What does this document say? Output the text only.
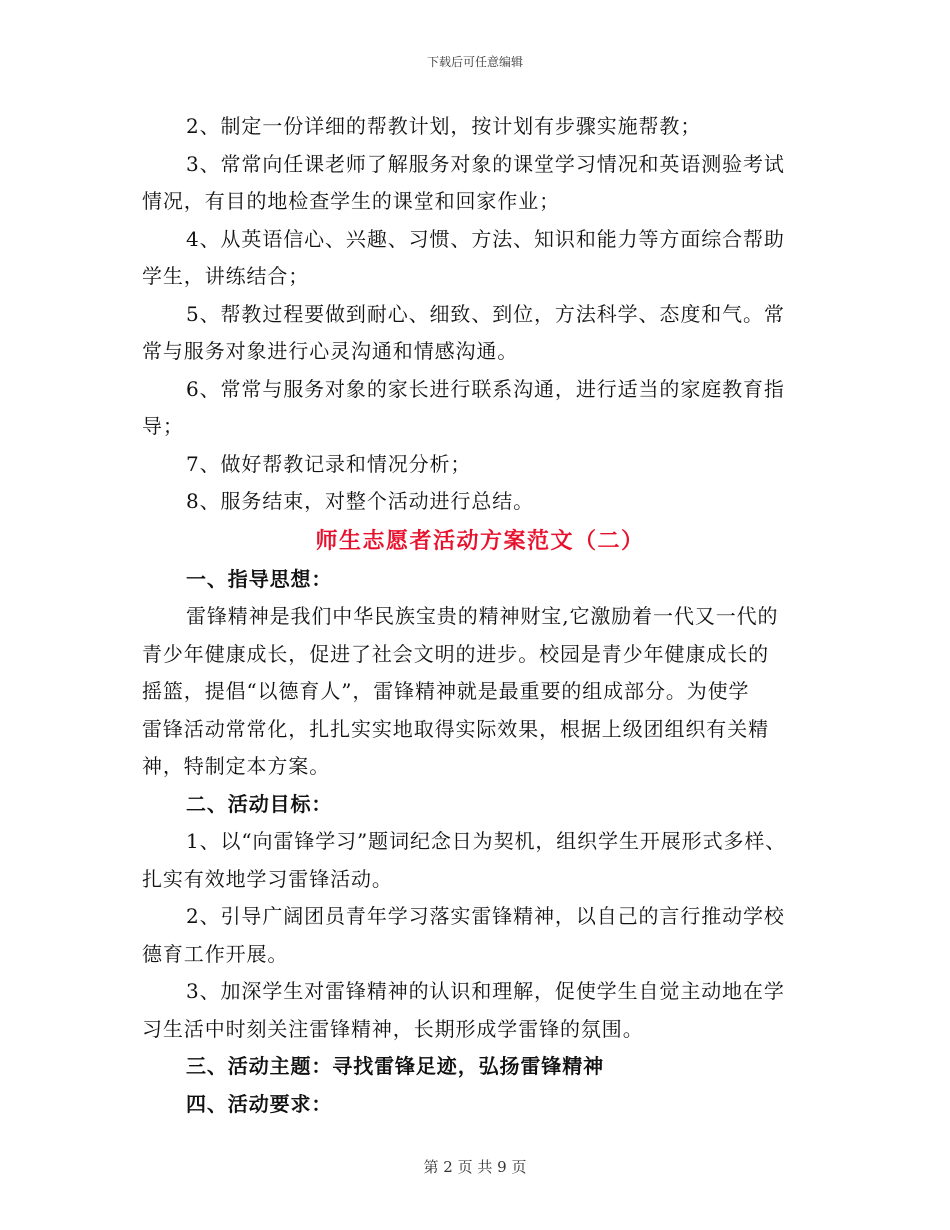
下载后可任意编辑
2、制定一份详细的帮教计划，按计划有步骤实施帮教；
3、常常向任课老师了解服务对象的课堂学习情况和英语测验考试
情况，有目的地检查学生的课堂和回家作业；
4、从英语信心、兴趣、习惯、方法、知识和能力等方面综合帮助
学生，讲练结合；
5、帮教过程要做到耐心、细致、到位，方法科学、态度和气。常
常与服务对象进行心灵沟通和情感沟通。
6、常常与服务对象的家长进行联系沟通，进行适当的家庭教育指
导；
7、做好帮教记录和情况分析；
8、服务结束，对整个活动进行总结。
师生志愿者活动方案范文（二）
一、指导思想：
雷锋精神是我们中华民族宝贵的精神财宝,它激励着一代又一代的
青少年健康成长，促进了社会文明的进步。校园是青少年健康成长的
摇篮，提倡“以德育人”，雷锋精神就是最重要的组成部分。为使学
雷锋活动常常化，扎扎实实地取得实际效果，根据上级团组织有关精
神，特制定本方案。
二、活动目标：
1、以“向雷锋学习”题词纪念日为契机，组织学生开展形式多样、
扎实有效地学习雷锋活动。
2、引导广阔团员青年学习落实雷锋精神，以自己的言行推动学校
德育工作开展。
3、加深学生对雷锋精神的认识和理解，促使学生自觉主动地在学
习生活中时刻关注雷锋精神，长期形成学雷锋的氛围。
三、活动主题：寻找雷锋足迹，弘扬雷锋精神
四、活动要求：
第 2 页 共 9 页
